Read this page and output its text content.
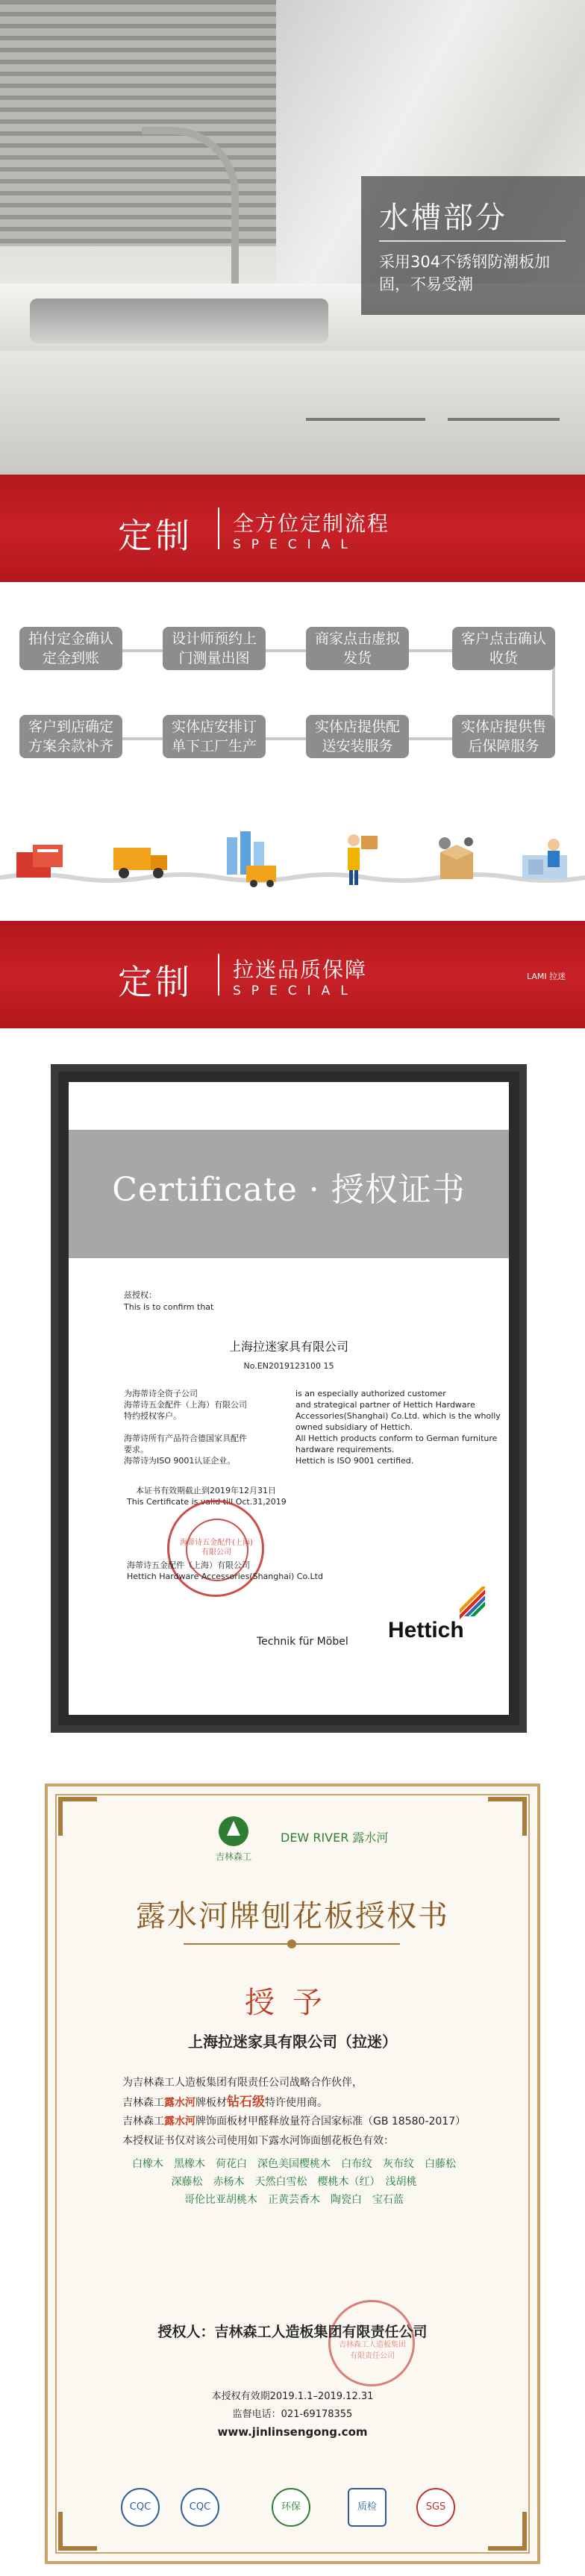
水槽部分
采用304不锈钢防潮板加固，不易受潮
定制 全方位定制流程
SPECIAL
拍付定金确认定金到账
设计师预约上门测量出图
商家点击虚拟发货
客户点击确认收货
客户到店确定方案余款补齐
实体店安排订单下工厂生产
实体店提供配送安装服务
实体店提供售后保障服务
定制 拉迷品质保障
SPECIAL
LAMI 拉迷
Certificate · 授权证书
兹授权：
This is to confirm that
上海拉迷家具有限公司
No.EN2019123100 15
为海蒂诗全资子公司
海蒂诗五金配件（上海）有限公司
特约授权客户。
海蒂诗所有产品符合德国家具配件
要求。
海蒂诗为ISO 9001认证企业。
is an especially authorized customer
and strategical partner of Hettich Hardware
Accessories(Shanghai) Co.Ltd. which is the wholly
owned subsidiary of Hettich.
All Hettich products conform to German furniture
hardware requirements.
Hettich is ISO 9001 certified.
本证书有效期截止到2019年12月31日
This Certificate is valid till Oct.31,2019
海蒂诗五金配件(上海)有限公司
海蒂诗五金配件（上海）有限公司
Hettich Hardware Accessories(Shanghai) Co.Ltd
Technik für Möbel Hettich
吉林森工
DEW RIVER 露水河
露水河牌刨花板授权书
授予
上海拉迷家具有限公司（拉迷）
为吉林森工人造板集团有限责任公司战略合作伙伴，
吉林森工露水河牌板材钻石级特许使用商。
吉林森工露水河牌饰面板材甲醛释放量符合国家标准（GB 18580-2017）
本授权证书仅对该公司使用如下露水河饰面刨花板色有效：
白橡木　黑橡木　荷花白　深色美国樱桃木　白布纹　灰布纹　白藤松
深藤松　赤杨木　天然白雪松　樱桃木（红）　浅胡桃
哥伦比亚胡桃木　正黄芸香木　陶瓷白　宝石蓝
吉林森工人造板集团有限责任公司
授权人：吉林森工人造板集团有限责任公司
本授权有效期2019.1.1–2019.12.31
监督电话：021-69178355
www.jinlinsengong.com
CQC	CQC	环保	质检	SGS
